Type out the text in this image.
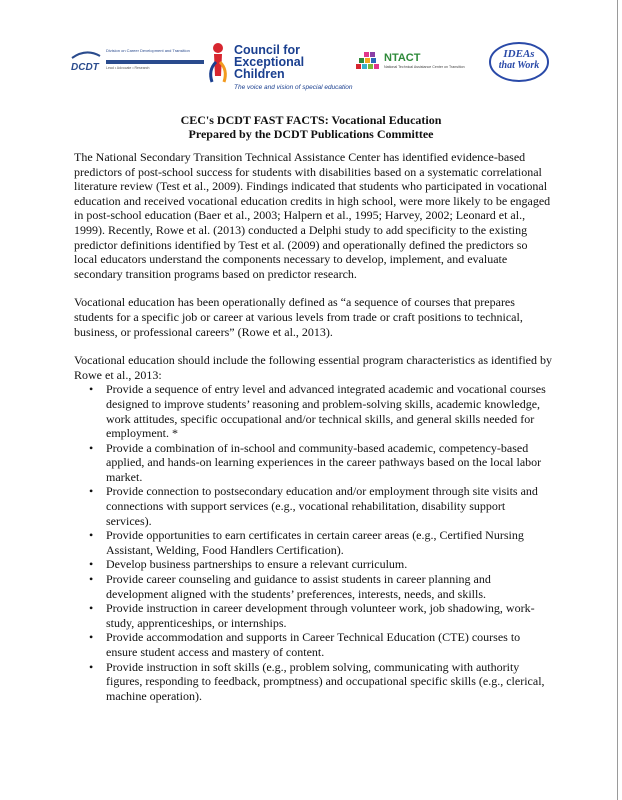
DCDT
Division on Career Development and Transition
Lead • Advocate • Research
Council for Exceptional Children
The voice and vision of special education
NTACT
National Technical Assistance Center on Transition
IDEAs
that Work
CEC's DCDT FAST FACTS: Vocational Education
Prepared by the DCDT Publications Committee

The National Secondary Transition Technical Assistance Center has identified evidence-based predictors of post-school success for students with disabilities based on a systematic correlational literature review (Test et al., 2009). Findings indicated that students who participated in vocational education and received vocational education credits in high school, were more likely to be engaged in post-school education (Baer et al., 2003; Halpern et al., 1995; Harvey, 2002; Leonard et al., 1999). Recently, Rowe et al. (2013) conducted a Delphi study to add specificity to the existing predictor definitions identified by Test et al. (2009) and operationally defined the predictors so local educators understand the components necessary to develop, implement, and evaluate secondary transition programs based on predictor research.

Vocational education has been operationally defined as “a sequence of courses that prepares students for a specific job or career at various levels from trade or craft positions to technical, business, or professional careers” (Rowe et al., 2013).

Vocational education should include the following essential program characteristics as identified by Rowe et al., 2013:

• Provide a sequence of entry level and advanced integrated academic and vocational courses designed to improve students’ reasoning and problem-solving skills, academic knowledge, work attitudes, specific occupational and/or technical skills, and general skills needed for employment. *
• Provide a combination of in-school and community-based academic, competency-based applied, and hands-on learning experiences in the career pathways based on the local labor market.
• Provide connection to postsecondary education and/or employment through site visits and connections with support services (e.g., vocational rehabilitation, disability support services).
• Provide opportunities to earn certificates in certain career areas (e.g., Certified Nursing Assistant, Welding, Food Handlers Certification).
• Develop business partnerships to ensure a relevant curriculum.
• Provide career counseling and guidance to assist students in career planning and development aligned with the students’ preferences, interests, needs, and skills.
• Provide instruction in career development through volunteer work, job shadowing, work-study, apprenticeships, or internships.
• Provide accommodation and supports in Career Technical Education (CTE) courses to ensure student access and mastery of content.
• Provide instruction in soft skills (e.g., problem solving, communicating with authority figures, responding to feedback, promptness) and occupational specific skills (e.g., clerical, machine operation).
